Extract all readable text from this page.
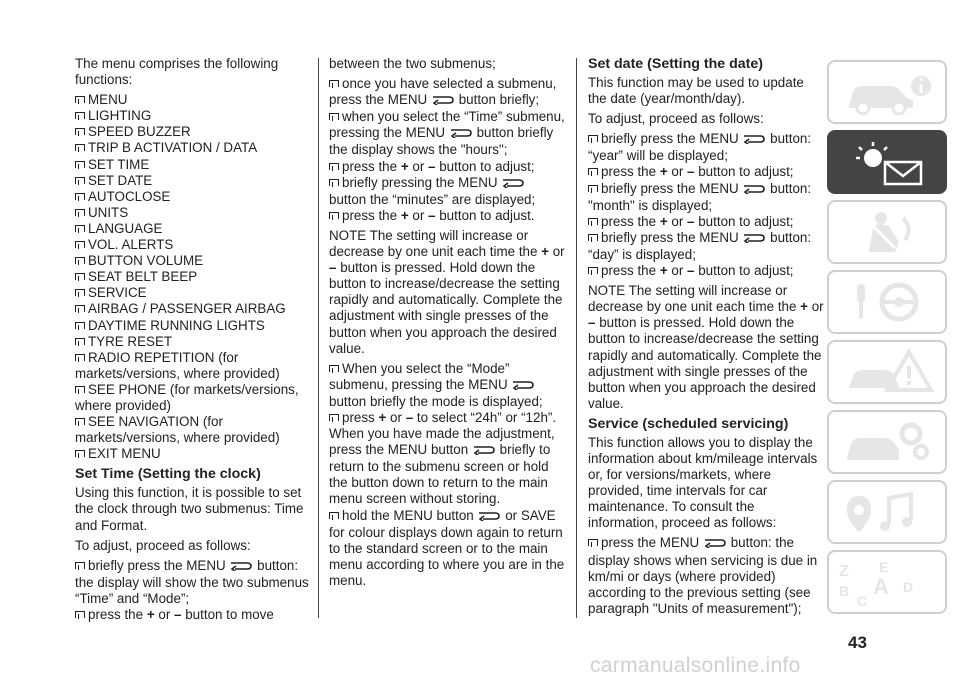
The menu comprises the following functions:

MENU
LIGHTING
SPEED BUZZER
TRIP B ACTIVATION / DATA
SET TIME
SET DATE
AUTOCLOSE
UNITS
LANGUAGE
VOL. ALERTS
BUTTON VOLUME
SEAT BELT BEEP
SERVICE
AIRBAG / PASSENGER AIRBAG
DAYTIME RUNNING LIGHTS
TYRE RESET
RADIO REPETITION (for markets/versions, where provided)
SEE PHONE (for markets/versions, where provided)
SEE NAVIGATION (for markets/versions, where provided)
EXIT MENU
Set Time (Setting the clock)

Using this function, it is possible to set the clock through two submenus: Time and Format.

To adjust, proceed as follows:

briefly press the MENU button: the display will show the two submenus “Time” and “Mode”;
press the + or – button to move

between the two submenus;

once you have selected a submenu, press the MENU button briefly;
when you select the “Time” submenu, pressing the MENU button briefly the display shows the "hours";
press the + or – button to adjust;
briefly pressing the MENU  button the “minutes” are displayed;
press the + or – button to adjust.

NOTE The setting will increase or decrease by one unit each time the + or – button is pressed. Hold down the button to increase/decrease the setting rapidly and automatically. Complete the adjustment with single presses of the button when you approach the desired value.

When you select the “Mode” submenu, pressing the MENU  button briefly the mode is displayed;
press + or – to select “24h” or “12h”.

When you have made the adjustment, press the MENU button briefly to return to the submenu screen or hold the button down to return to the main menu screen without storing.

hold the MENU button or SAVE

for colour displays down again to return to the standard screen or to the main menu according to where you are in the menu.

Set date (Setting the date)

This function may be used to update the date (year/month/day).

To adjust, proceed as follows:

briefly press the MENU button: “year” will be displayed;
press the + or – button to adjust;
briefly press the MENU button: "month" is displayed;
press the + or – button to adjust;
briefly press the MENU button: “day” is displayed;
press the + or – button to adjust;

NOTE The setting will increase or decrease by one unit each time the + or – button is pressed. Hold down the button to increase/decrease the setting rapidly and automatically. Complete the adjustment with single presses of the button when you approach the desired value.

Service (scheduled servicing)

This function allows you to display the information about km/mileage intervals or, for versions/markets, where provided, time intervals for car maintenance. To consult the information, proceed as follows:

press the MENU button: the display shows when servicing is due in km/mi or days (where provided) according to the previous setting (see paragraph "Units of measurement");
Z E
B A D
C
43
carmanualsonline.info
